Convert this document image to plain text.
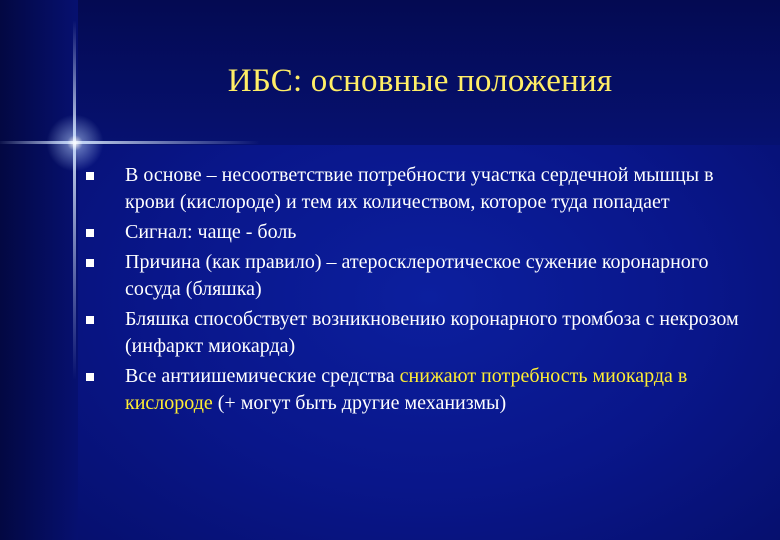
ИБС: основные положения
В основе – несоответствие потребности участка сердечной мышцы в крови (кислороде) и тем их количеством, которое туда попадает
Сигнал: чаще - боль
Причина (как правило) – атеросклеротическое сужение коронарного сосуда (бляшка)
Бляшка способствует возникновению коронарного тромбоза с некрозом (инфаркт миокарда)
Все антиишемические средства снижают потребность миокарда в кислороде (+ могут быть другие механизмы)
